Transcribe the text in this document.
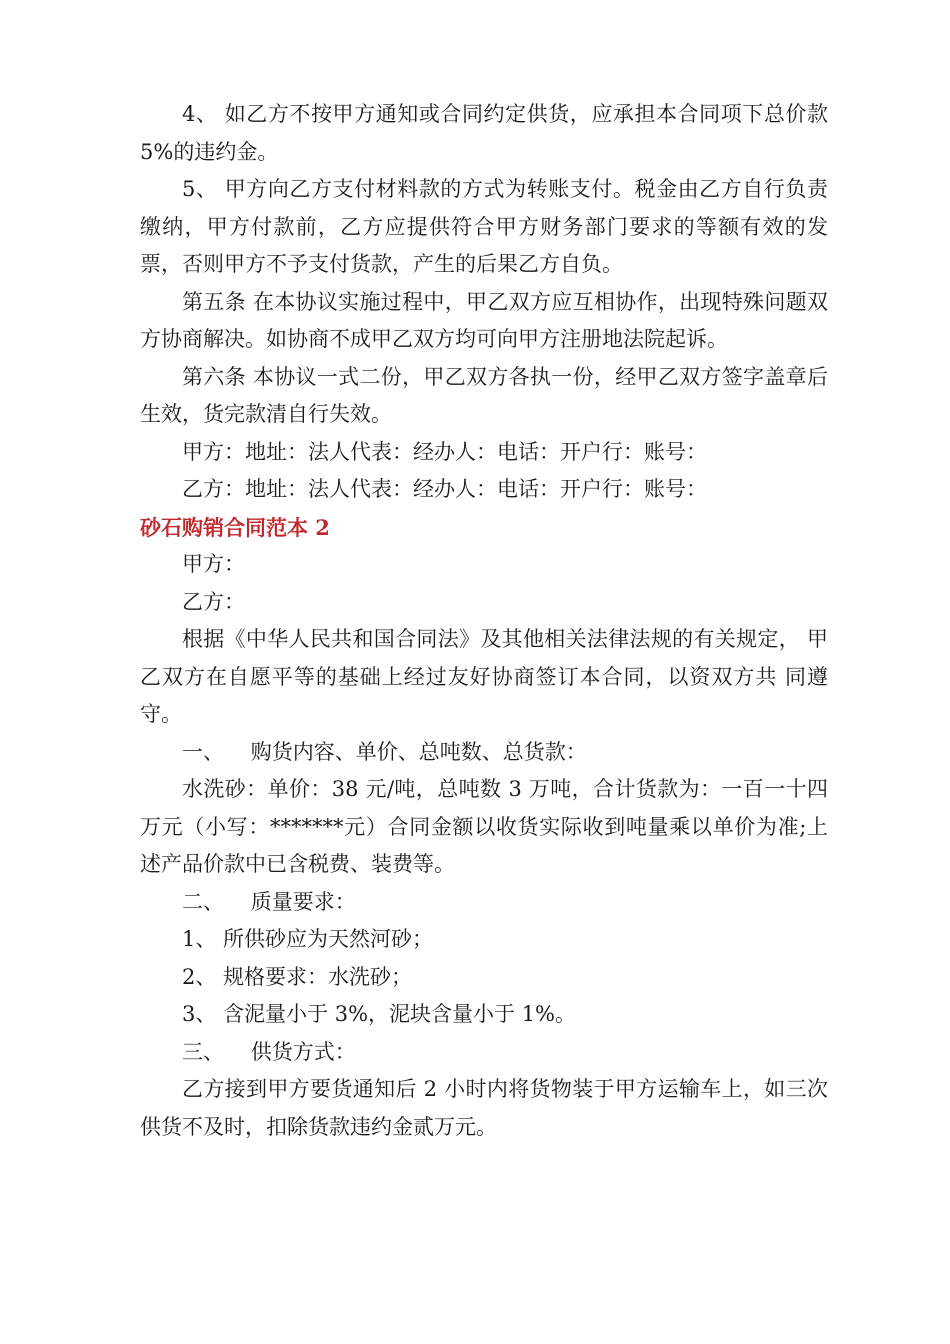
4、 如乙方不按甲方通知或合同约定供货，应承担本合同项下总价款 5%的违约金。

5、 甲方向乙方支付材料款的方式为转账支付。税金由乙方自行负责缴纳，甲方付款前，乙方应提供符合甲方财务部门要求的等额有效的发票，否则甲方不予支付货款，产生的后果乙方自负。

第五条 在本协议实施过程中，甲乙双方应互相协作，出现特殊问题双方协商解决。如协商不成甲乙双方均可向甲方注册地法院起诉。

第六条 本协议一式二份，甲乙双方各执一份，经甲乙双方签字盖章后生效，货完款清自行失效。

甲方：地址：法人代表：经办人：电话：开户行：账号：

乙方：地址：法人代表：经办人：电话：开户行：账号：

砂石购销合同范本 2

甲方：

乙方：

根据《中华人民共和国合同法》及其他相关法律法规的有关规定， 甲乙双方在自愿平等的基础上经过友好协商签订本合同，以资双方共 同遵守。

一、    购货内容、单价、总吨数、总货款：

水洗砂：单价：38 元/吨，总吨数 3 万吨，合计货款为：一百一十四万元（小写：*******元）合同金额以收货实际收到吨量乘以单价为准;上述产品价款中已含税费、装费等。

二、    质量要求：

1、 所供砂应为天然河砂；

2、 规格要求：水洗砂；

3、 含泥量小于 3%，泥块含量小于 1%。

三、    供货方式：

乙方接到甲方要货通知后 2 小时内将货物装于甲方运输车上，如三次供货不及时，扣除货款违约金贰万元。
